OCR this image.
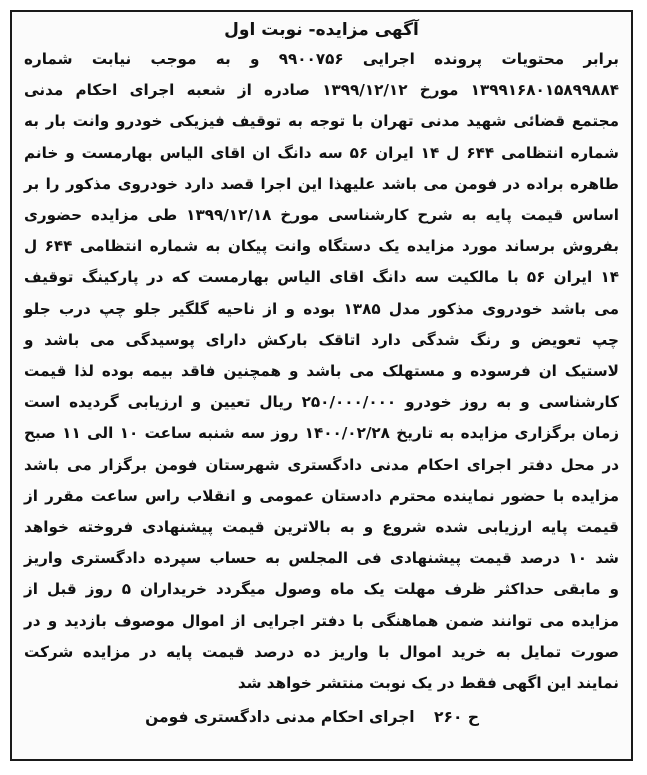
آگهی مزایده- نوبت اول
برابر محتویات پرونده اجرایی ۹۹۰۰۷۵۶ و به موجب نیابت شماره
۱۳۹۹۱۶۸۰۱۵۸۹۹۸۸۴ مورخ ۱۳۹۹/۱۲/۱۲ صادره از شعبه اجرای احکام مدنی
مجتمع قضائی شهید مدنی تهران با توجه به توقیف فیزیکی خودرو وانت بار به
شماره انتظامی ۶۴۴ ل ۱۴ ایران ۵۶ سه دانگ ان اقای الیاس بهارمست و خانم
طاهره براده در فومن می باشد علیهذا این اجرا قصد دارد خودروی مذکور را بر
اساس قیمت پایه به شرح کارشناسی مورخ ۱۳۹۹/۱۲/۱۸ طی مزایده حضوری
بفروش برساند مورد مزایده یک دستگاه وانت پیکان به شماره انتظامی ۶۴۴ ل
۱۴ ایران ۵۶ با مالکیت سه دانگ اقای الیاس بهارمست که در پارکینگ توقیف
می باشد خودروی مذکور مدل ۱۳۸۵ بوده و از ناحیه گلگیر جلو چپ درب جلو
چپ تعویض و رنگ شدگی دارد اتاقک بارکش دارای پوسیدگی می باشد و
لاستیک ان فرسوده و مستهلک می باشد و همچنین فاقد بیمه بوده لذا قیمت
کارشناسی و به روز خودرو ۲۵۰/۰۰۰/۰۰۰ ریال تعیین و ارزیابی گردیده است
زمان برگزاری مزایده به تاریخ ۱۴۰۰/۰۲/۲۸ روز سه شنبه ساعت ۱۰ الی ۱۱ صبح
در محل دفتر اجرای احکام مدنی دادگستری شهرستان فومن برگزار می باشد
مزایده با حضور نماینده محترم دادستان عمومی و انقلاب راس ساعت مقرر از
قیمت پایه ارزیابی شده شروع و به بالاترین قیمت پیشنهادی فروخته خواهد
شد ۱۰ درصد قیمت پیشنهادی فی المجلس به حساب سپرده دادگستری واریز
و مابقی حداکثر ظرف مهلت یک ماه وصول میگردد خریداران ۵ روز قبل از
مزایده می توانند ضمن هماهنگی با دفتر اجرایی از اموال موصوف بازدید و در
صورت تمایل به خرید اموال با واریز ده درصد قیمت پایه در مزایده شرکت
نمایند این اگهی فقط در یک نوبت منتشر خواهد شد
ح ۲۶۰ اجرای احکام مدنی دادگستری فومن
